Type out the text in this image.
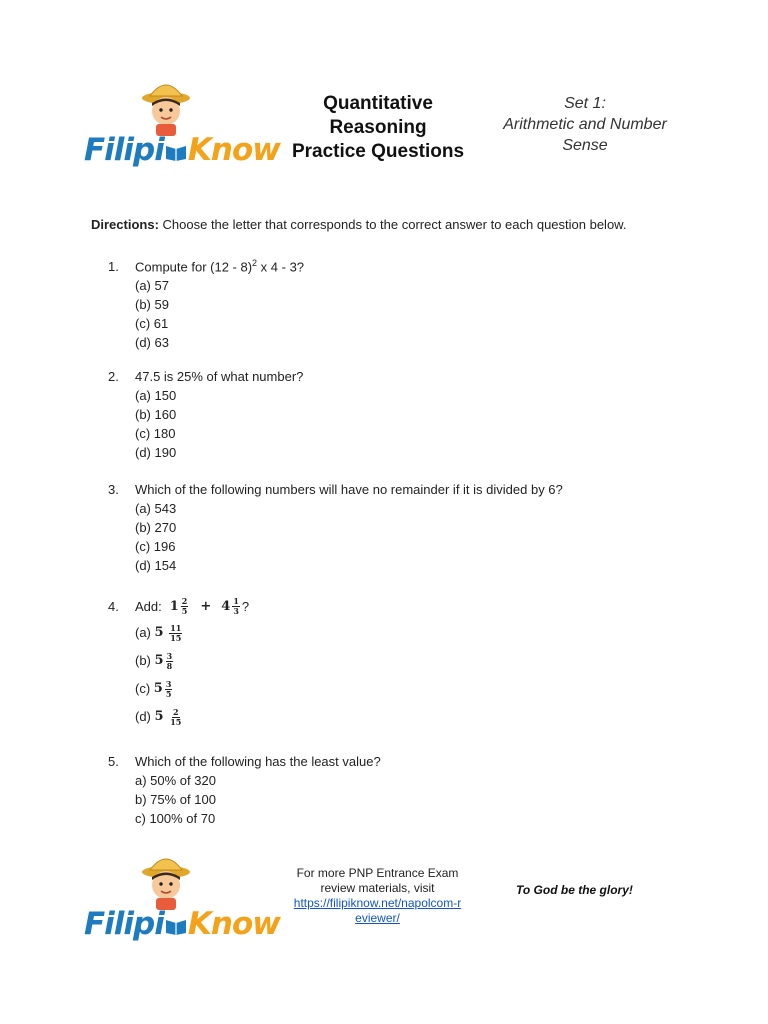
Filipi Know
Quantitative
Reasoning
Practice Questions
Set 1:
Arithmetic and Number
Sense
Directions: Choose the letter that corresponds to the correct answer to each question below.
1. Compute for (12 - 8)$^2$ x 4 - 3?
(a) 57
(b) 59
(c) 61
(d) 63
2. 47.5 is 25% of what number?
(a) 150
(b) 160
(c) 180
(d) 190
3. Which of the following numbers will have no remainder if it is divided by 6?
(a) 543
(b) 270
(c) 196
(d) 154
4.	Add: $1 \frac{2}{5} + 4 \frac{1}{3}$ ?
(a)
5
$\frac{11}{15}$
(b)
$5 \frac{3}{8}$
(c)
$5 \frac{3}{5}$
(d)
5
$\frac{2}{15}$
5. Which of the following has the least value?
a) 50% of 320
b) 75% of 100
c) 100% of 70
Filipi Know
For more PNP Entrance Exam
review materials, visit
https://filipiknow.net/napolcom-r
eviewer/
To God be the glory!
